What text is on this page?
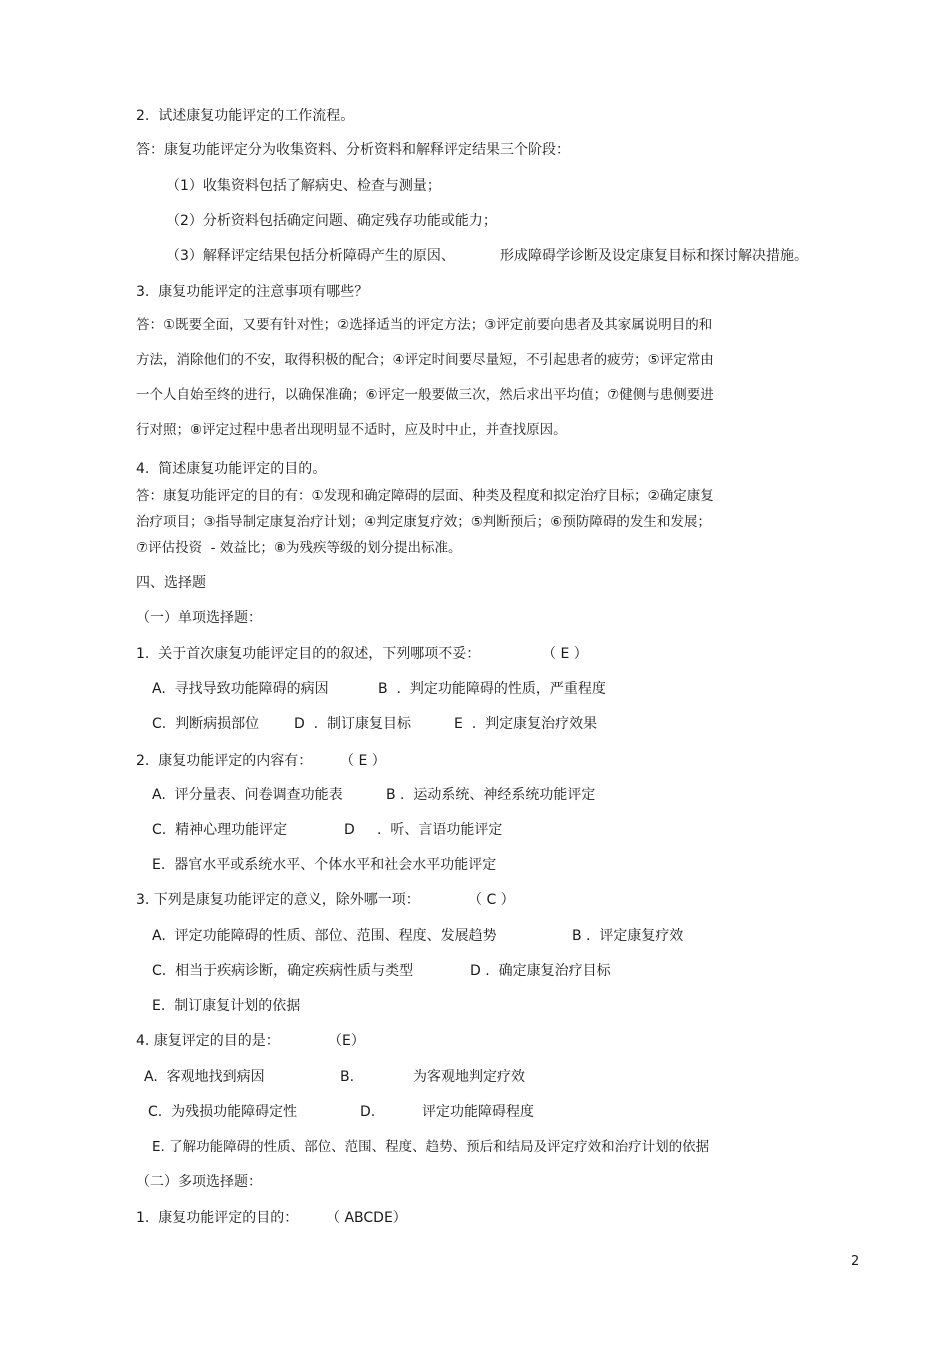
2.  试述康复功能评定的工作流程。
答：康复功能评定分为收集资料、分析资料和解释评定结果三个阶段：
（1）收集资料包括了解病史、检查与测量；
（2）分析资料包括确定问题、确定残存功能或能力；
（3）解释评定结果包括分析障碍产生的原因、	形成障碍学诊断及设定康复目标和探讨解决措施。
3.  康复功能评定的注意事项有哪些？
答：①既要全面，又要有针对性；②选择适当的评定方法；③评定前要向患者及其家属说明目的和
方法，消除他们的不安，取得积极的配合；④评定时间要尽量短，不引起患者的疲劳；⑤评定常由
一个人自始至终的进行，以确保准确；⑥评定一般要做三次，然后求出平均值；⑦健侧与患侧要进
行对照；⑧评定过程中患者出现明显不适时，应及时中止，并查找原因。
4.  简述康复功能评定的目的。
答：康复功能评定的目的有：①发现和确定障碍的层面、种类及程度和拟定治疗目标；②确定康复
治疗项目；③指导制定康复治疗计划；④判定康复疗效；⑤判断预后；⑥预防障碍的发生和发展；
⑦评估投资  - 效益比；⑧为残疾等级的划分提出标准。
四、选择题
（一）单项选择题：
1.  关于首次康复功能评定目的的叙述，下列哪项不妥：	（ E ）
A.  寻找导致功能障碍的病因	B  .  判定功能障碍的性质，严重程度
C.  判断病损部位 D  .  制订康复目标	E  .  判定康复治疗效果
2.  康复功能评定的内容有： （ E ）
A.  评分量表、问卷调查功能表	B .  运动系统、神经系统功能评定
C.  精神心理功能评定	D     .  听、言语功能评定
E.  器官水平或系统水平、个体水平和社会水平功能评定
3. 下列是康复功能评定的意义，除外哪一项：	（ C ）
A.  评定功能障碍的性质、部位、范围、程度、发展趋势	B .  评定康复疗效
C.  相当于疾病诊断，确定疾病性质与类型	D .  确定康复治疗目标
E.  制订康复计划的依据
4. 康复评定的目的是：	（E）
A.  客观地找到病因	B.	为客观地判定疗效
C.  为残损功能障碍定性	D.	评定功能障碍程度
E. 了解功能障碍的性质、部位、范围、程度、趋势、预后和结局及评定疗效和治疗计划的依据
（二）多项选择题：
1.  康复功能评定的目的： （ ABCDE）
2
